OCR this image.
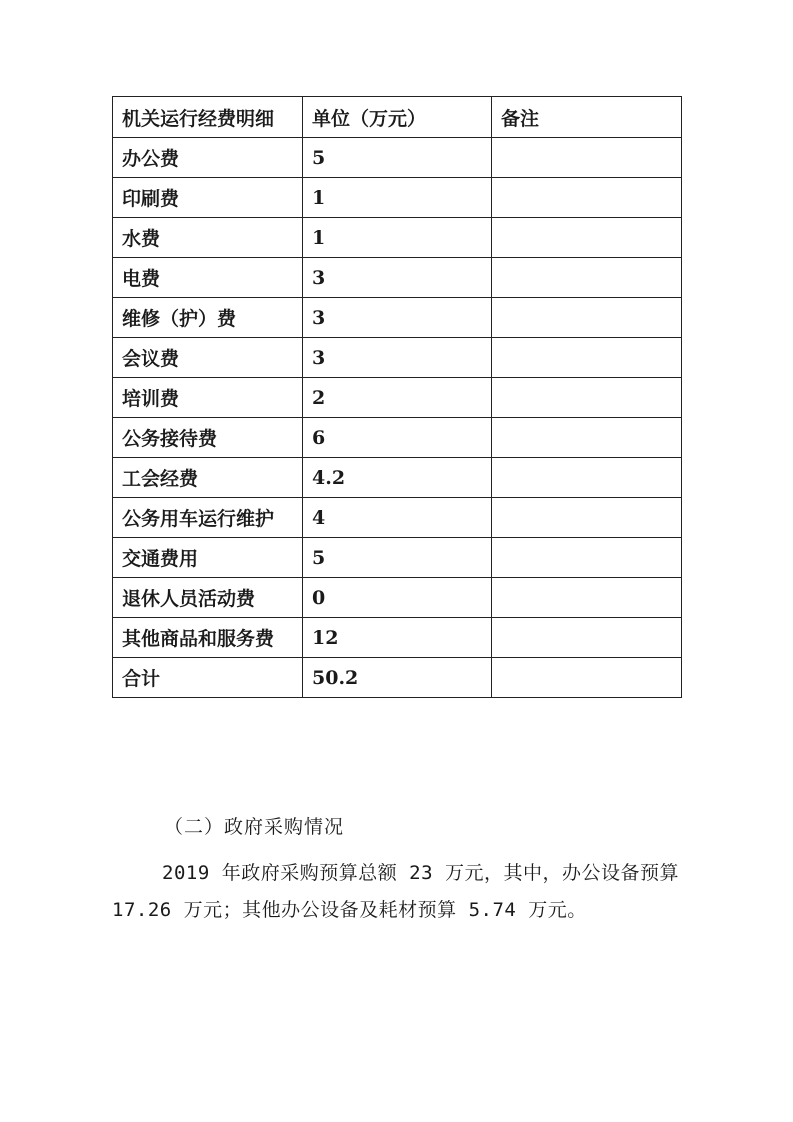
机关运行经费明细	单位（万元）	备注
办公费	5	
印刷费	1	
水费	1	
电费	3	
维修（护）费	3	
会议费	3	
培训费	2	
公务接待费	6	
工会经费	4.2	
公务用车运行维护	4	
交通费用	5	
退休人员活动费	0	
其他商品和服务费	12	
合计	50.2	
（二）政府采购情况
2019 年政府采购预算总额 23 万元，其中，办公设备预算 17.26 万元；其他办公设备及耗材预算 5.74 万元。
